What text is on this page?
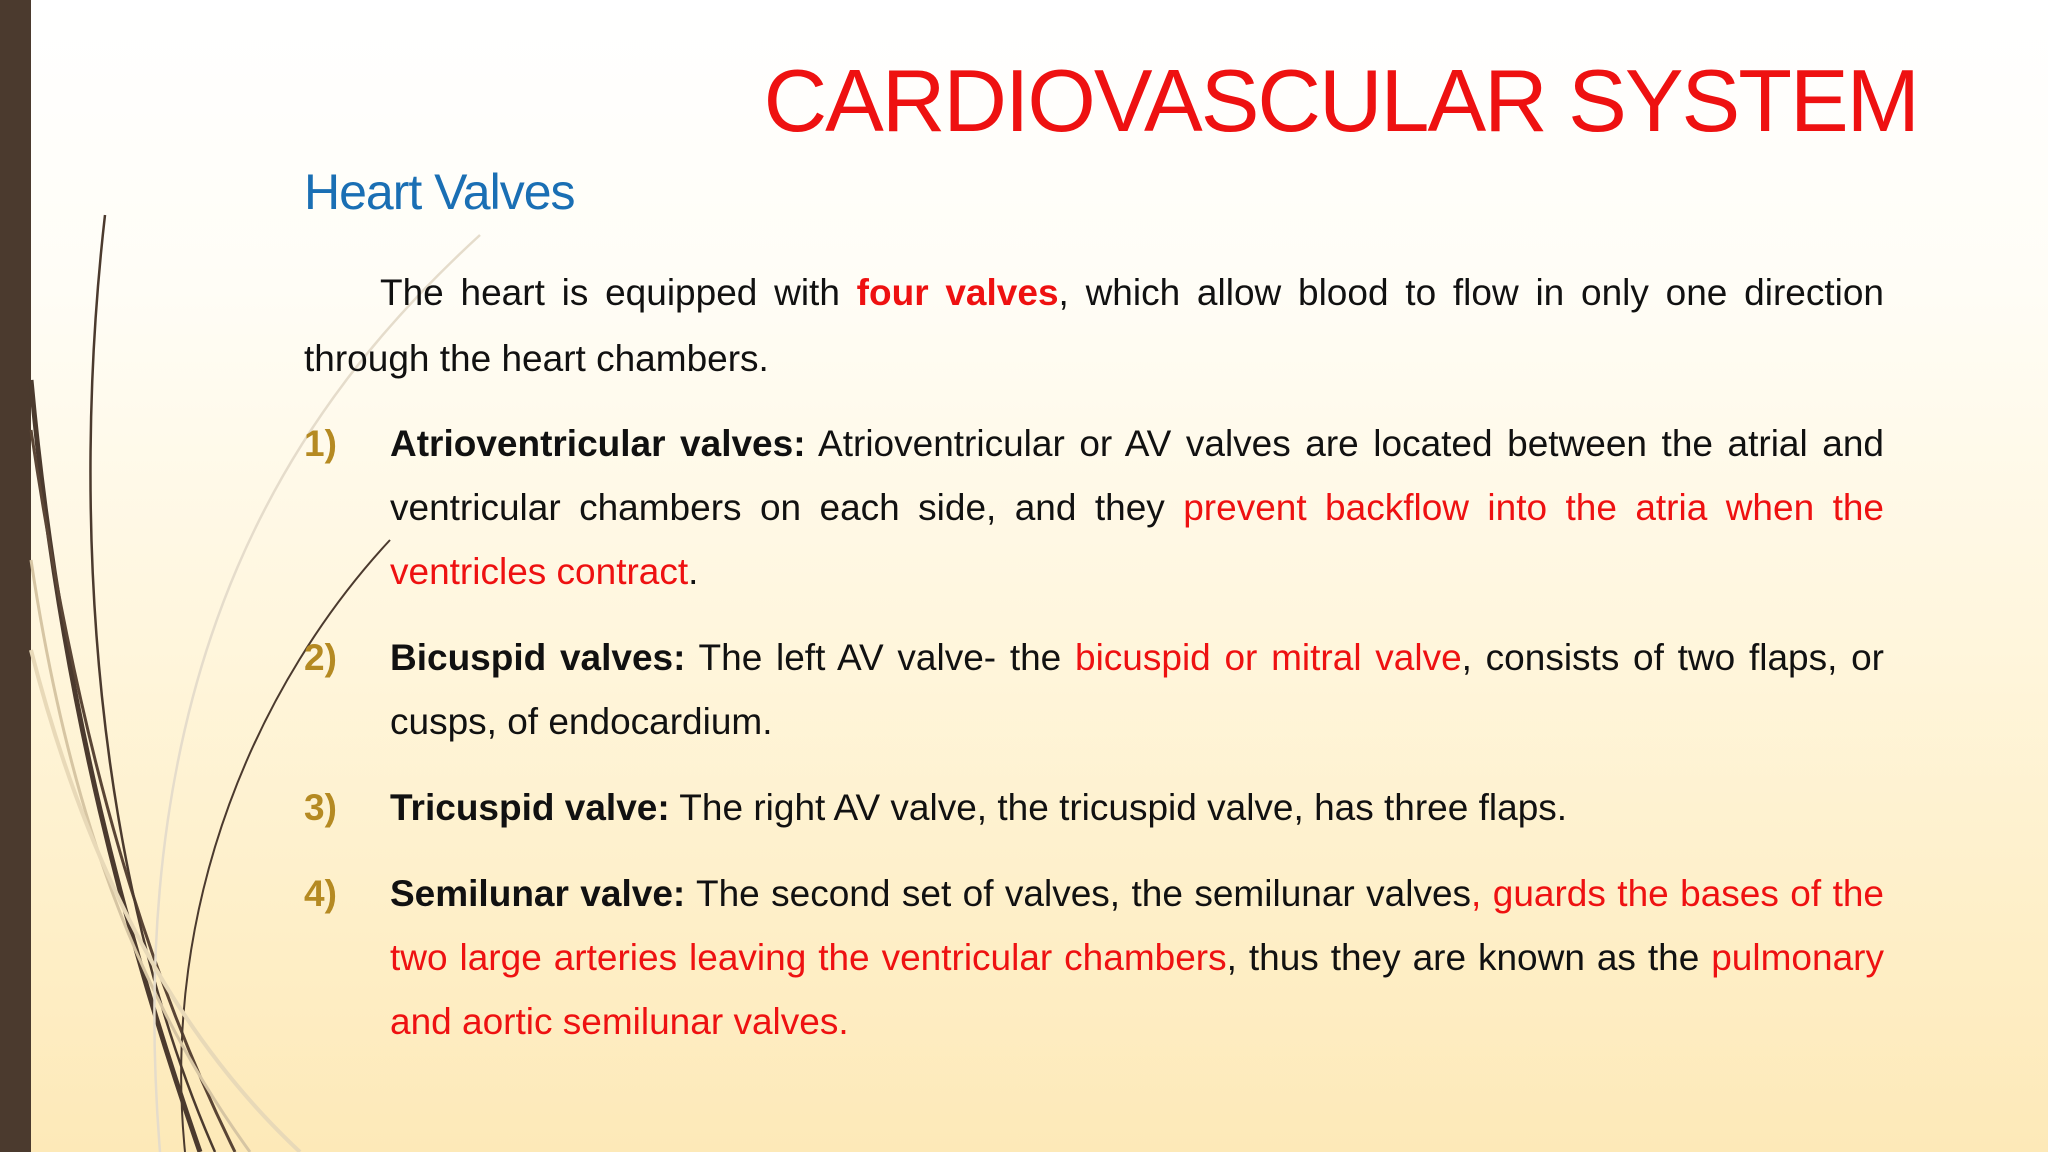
CARDIOVASCULAR SYSTEM
Heart Valves

The heart is equipped with four valves, which allow blood to flow in only one direction through the heart chambers.

1) Atrioventricular valves: Atrioventricular or AV valves are located between the atrial and ventricular chambers on each side, and they prevent backflow into the atria when the ventricles contract.
2) Bicuspid valves: The left AV valve- the bicuspid or mitral valve, consists of two flaps, or cusps, of endocardium.
3) Tricuspid valve: The right AV valve, the tricuspid valve, has three flaps.
4) Semilunar valve: The second set of valves, the semilunar valves, guards the bases of the two large arteries leaving the ventricular chambers, thus they are known as the pulmonary and aortic semilunar valves.
